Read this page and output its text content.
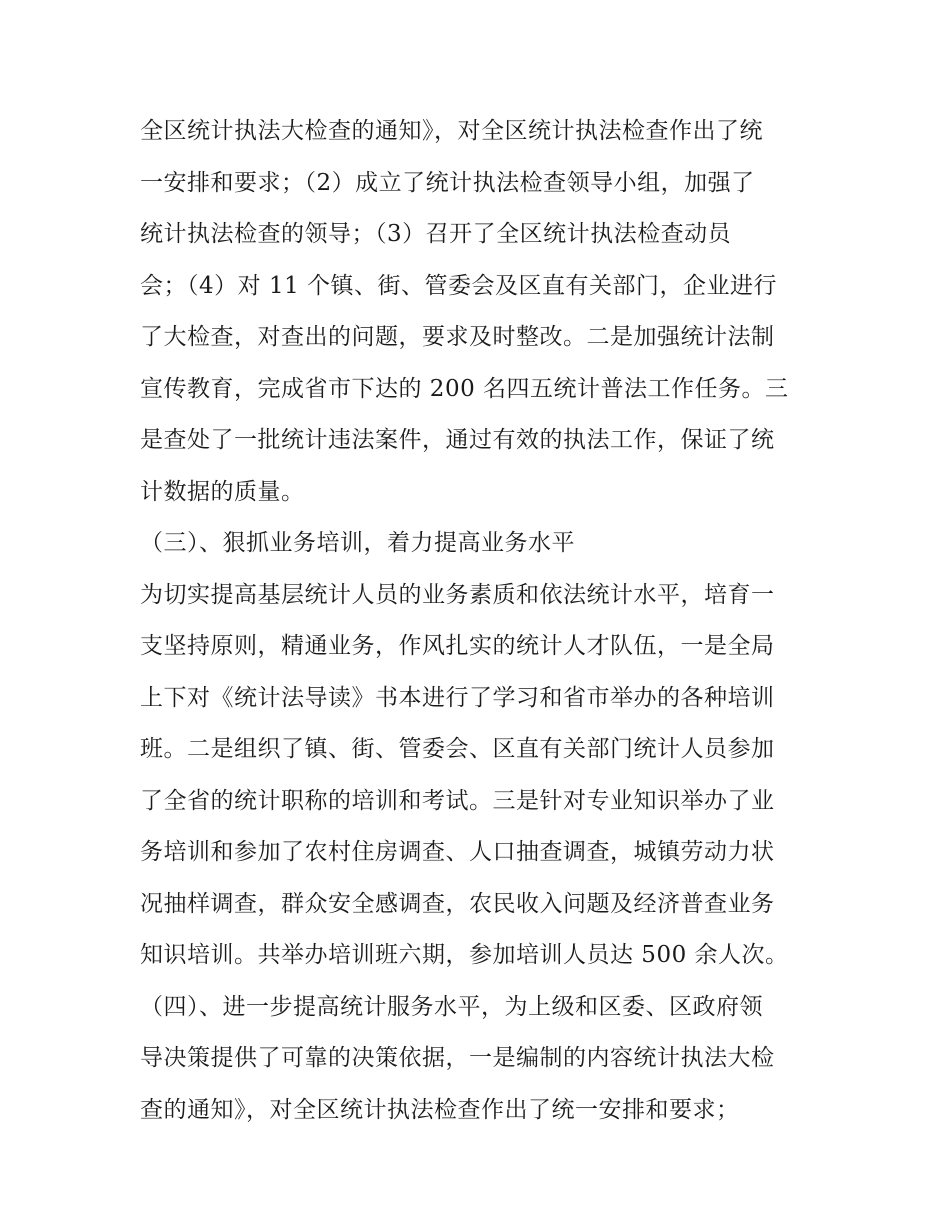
全区统计执法大检查的通知》，对全区统计执法检查作出了统
一安排和要求；（2）成立了统计执法检查领导小组，加强了
统计执法检查的领导；（3）召开了全区统计执法检查动员
会；（4）对 11 个镇、街、管委会及区直有关部门，企业进行
了大检查，对查出的问题，要求及时整改。二是加强统计法制
宣传教育，完成省市下达的 200 名四五统计普法工作任务。三
是查处了一批统计违法案件，通过有效的执法工作，保证了统
计数据的质量。
（三）、狠抓业务培训，着力提高业务水平
为切实提高基层统计人员的业务素质和依法统计水平，培育一
支坚持原则，精通业务，作风扎实的统计人才队伍，一是全局
上下对《统计法导读》书本进行了学习和省市举办的各种培训
班。二是组织了镇、街、管委会、区直有关部门统计人员参加
了全省的统计职称的培训和考试。三是针对专业知识举办了业
务培训和参加了农村住房调查、人口抽查调查，城镇劳动力状
况抽样调查，群众安全感调查，农民收入问题及经济普查业务
知识培训。共举办培训班六期，参加培训人员达 500 余人次。
（四）、进一步提高统计服务水平，为上级和区委、区政府领
导决策提供了可靠的决策依据，一是编制的内容统计执法大检
查的通知》，对全区统计执法检查作出了统一安排和要求；
